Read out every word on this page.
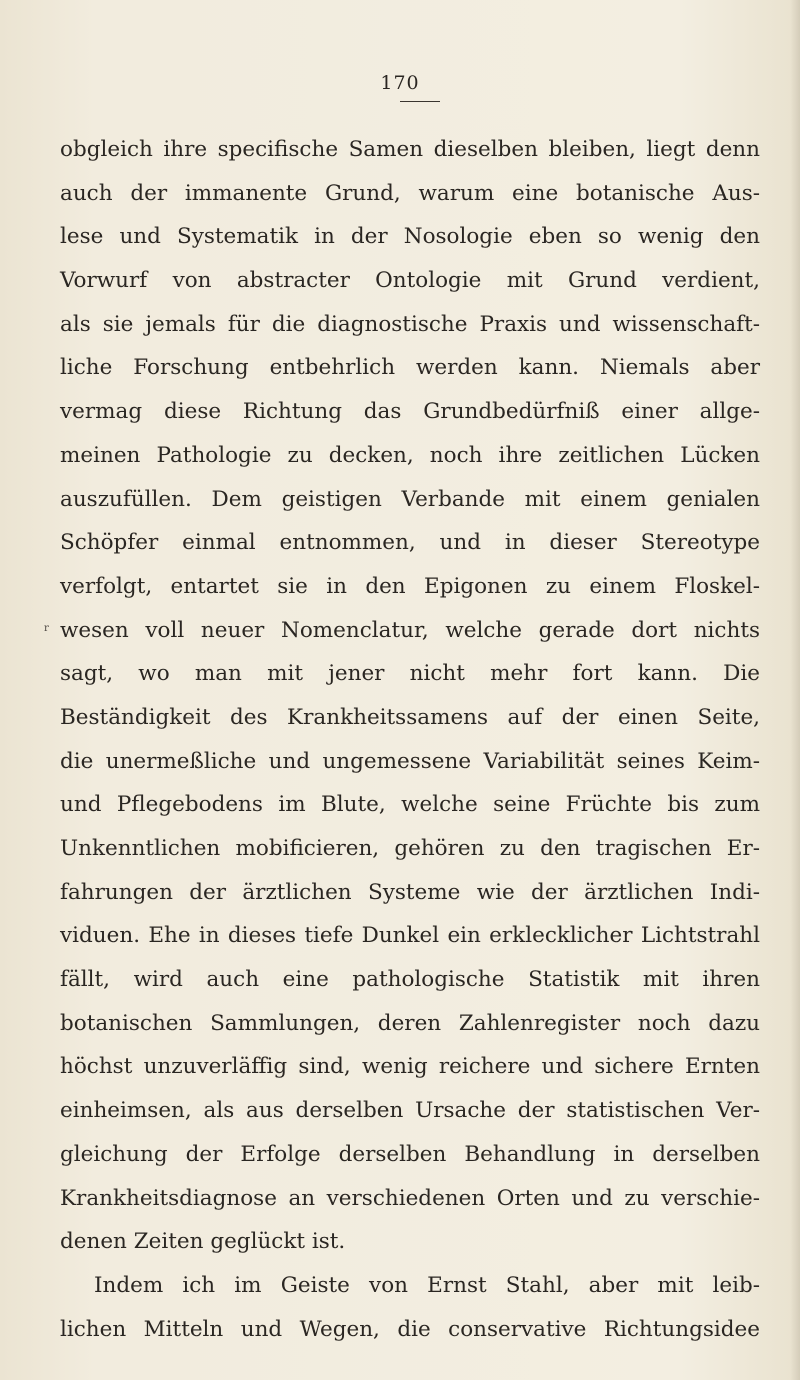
170
r
obgleich ihre specifische Samen dieselben bleiben, liegt denn
auch der immanente Grund, warum eine botanische Aus-
lese und Systematik in der Nosologie eben so wenig den
Vorwurf von abstracter Ontologie mit Grund verdient,
als sie jemals für die diagnostische Praxis und wissenschaft-
liche Forschung entbehrlich werden kann. Niemals aber
vermag diese Richtung das Grundbedürfniß einer allge-
meinen Pathologie zu decken, noch ihre zeitlichen Lücken
auszufüllen. Dem geistigen Verbande mit einem genialen
Schöpfer einmal entnommen, und in dieser Stereotype
verfolgt, entartet sie in den Epigonen zu einem Floskel-
wesen voll neuer Nomenclatur, welche gerade dort nichts
sagt, wo man mit jener nicht mehr fort kann. Die
Beständigkeit des Krankheitssamens auf der einen Seite,
die unermeßliche und ungemessene Variabilität seines Keim-
und Pflegebodens im Blute, welche seine Früchte bis zum
Unkenntlichen mobificieren, gehören zu den tragischen Er-
fahrungen der ärztlichen Systeme wie der ärztlichen Indi-
viduen. Ehe in dieses tiefe Dunkel ein erklecklicher Lichtstrahl
fällt, wird auch eine pathologische Statistik mit ihren
botanischen Sammlungen, deren Zahlenregister noch dazu
höchst unzuverläffig sind, wenig reichere und sichere Ernten
einheimsen, als aus derselben Ursache der statistischen Ver-
gleichung der Erfolge derselben Behandlung in derselben
Krankheitsdiagnose an verschiedenen Orten und zu verschie-
denen Zeiten geglückt ist.
Indem ich im Geiste von Ernst Stahl, aber mit leib-
lichen Mitteln und Wegen, die conservative Richtungsidee
